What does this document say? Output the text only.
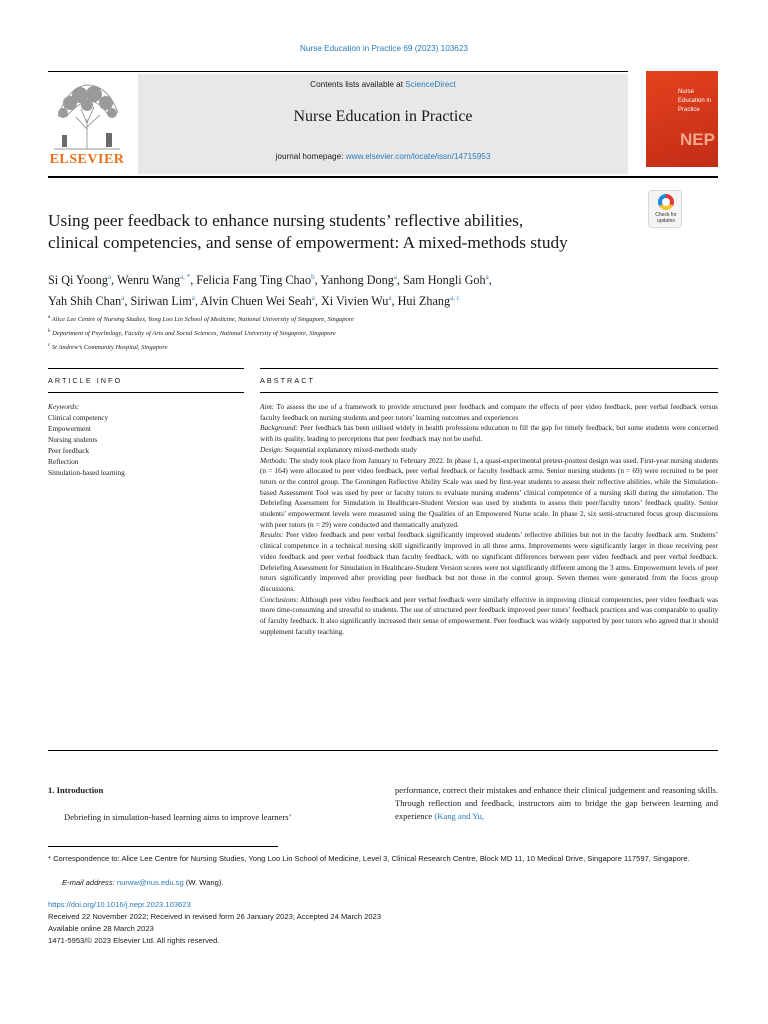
Nurse Education in Practice 69 (2023) 103623
ELSEVIER
Contents lists available at ScienceDirect
Nurse Education in Practice
journal homepage: www.elsevier.com/locate/issn/14715953
Nurse
Education in
Practice
NEP
Check for
updates
Using peer feedback to enhance nursing students’ reflective abilities,
clinical competencies, and sense of empowerment: A mixed-methods study
Si Qi Yoong$^a$, Wenru Wang$^{a, *}$, Felicia Fang Ting Chao$^b$, Yanhong Dong$^a$, Sam Hongli Goh$^a$,
Yah Shih Chan$^a$, Siriwan Lim$^a$, Alvin Chuen Wei Seah$^a$, Xi Vivien Wu$^a$, Hui Zhang$^{a, c}$
$^a$ Alice Lee Centre of Nursing Studies, Yong Loo Lin School of Medicine, National University of Singapore, Singapore
$^b$ Department of Psychology, Faculty of Arts and Social Sciences, National University of Singapore, Singapore
$^c$ St Andrew’s Community Hospital, Singapore
ARTICLE INFO	ABSTRACT
Keywords:
Clinical competency
Empowerment
Nursing students
Peer feedback
Reflection
Simulation-based learning

Aim: To assess the use of a framework to provide structured peer feedback and compare the effects of peer video feedback, peer verbal feedback versus faculty feedback on nursing students and peer tutors’ learning outcomes and experiences

Background: Peer feedback has been utilised widely in health professions education to fill the gap for timely feedback, but some students were concerned with its quality, leading to perceptions that peer feedback may not be useful.

Design: Sequential explanatory mixed-methods study

Methods: The study took place from January to February 2022. In phase 1, a quasi-experimental pretest-posttest design was used. First-year nursing students (n = 164) were allocated to peer video feedback, peer verbal feedback or faculty feedback arms. Senior nursing students (n = 69) were recruited to be peer tutors or the control group. The Groningen Reflective Ability Scale was used by first-year students to assess their reflective abilities, while the Simulation-based Assessment Tool was used by peer or faculty tutors to evaluate nursing students’ clinical competence of a nursing skill during the simulation. The Debriefing Assessment for Simulation in Healthcare-Student Version was used by students to assess their peer/faculty tutors’ feedback quality. Senior students’ empowerment levels were measured using the Qualities of an Empowered Nurse scale. In phase 2, six semi-structured focus group discussions with peer tutors (n = 29) were conducted and thematically analyzed.

Results: Peer video feedback and peer verbal feedback significantly improved students’ reflective abilities but not in the faculty feedback arm. Students’ clinical competence in a technical nursing skill significantly improved in all three arms. Improvements were significantly larger in those receiving peer video feedback and peer verbal feedback than faculty feedback, with no significant differences between peer video feedback and peer verbal feedback. Debriefing Assessment for Simulation in Healthcare-Student Version scores were not significantly different among the 3 arms. Empowerment levels of peer tutors significantly improved after providing peer feedback but not those in the control group. Seven themes were generated from the focus group discussions.

Conclusions: Although peer video feedback and peer verbal feedback were similarly effective in improving clinical competencies, peer video feedback was more time-consuming and stressful to students. The use of structured peer feedback improved peer tutors’ feedback practices and was comparable to quality of faculty feedback. It also significantly increased their sense of empowerment. Peer feedback was widely supported by peer tutors who agreed that it should supplement faculty teaching.

1. Introduction
Debriefing in simulation-based learning aims to improve learners’
performance, correct their mistakes and enhance their clinical judgement and reasoning skills. Through reflection and feedback, instructors aim to bridge the gap between learning and experience (Kang and Yu,
* Correspondence to: Alice Lee Centre for Nursing Studies, Yong Loo Lin School of Medicine, Level 3, Clinical Research Centre, Block MD 11, 10 Medical Drive, Singapore 117597, Singapore.
E-mail address: nurww@nus.edu.sg (W. Wang).
https://doi.org/10.1016/j.nepr.2023.103623
Received 22 November 2022; Received in revised form 26 January 2023; Accepted 24 March 2023
Available online 28 March 2023
1471-5953/© 2023 Elsevier Ltd. All rights reserved.
